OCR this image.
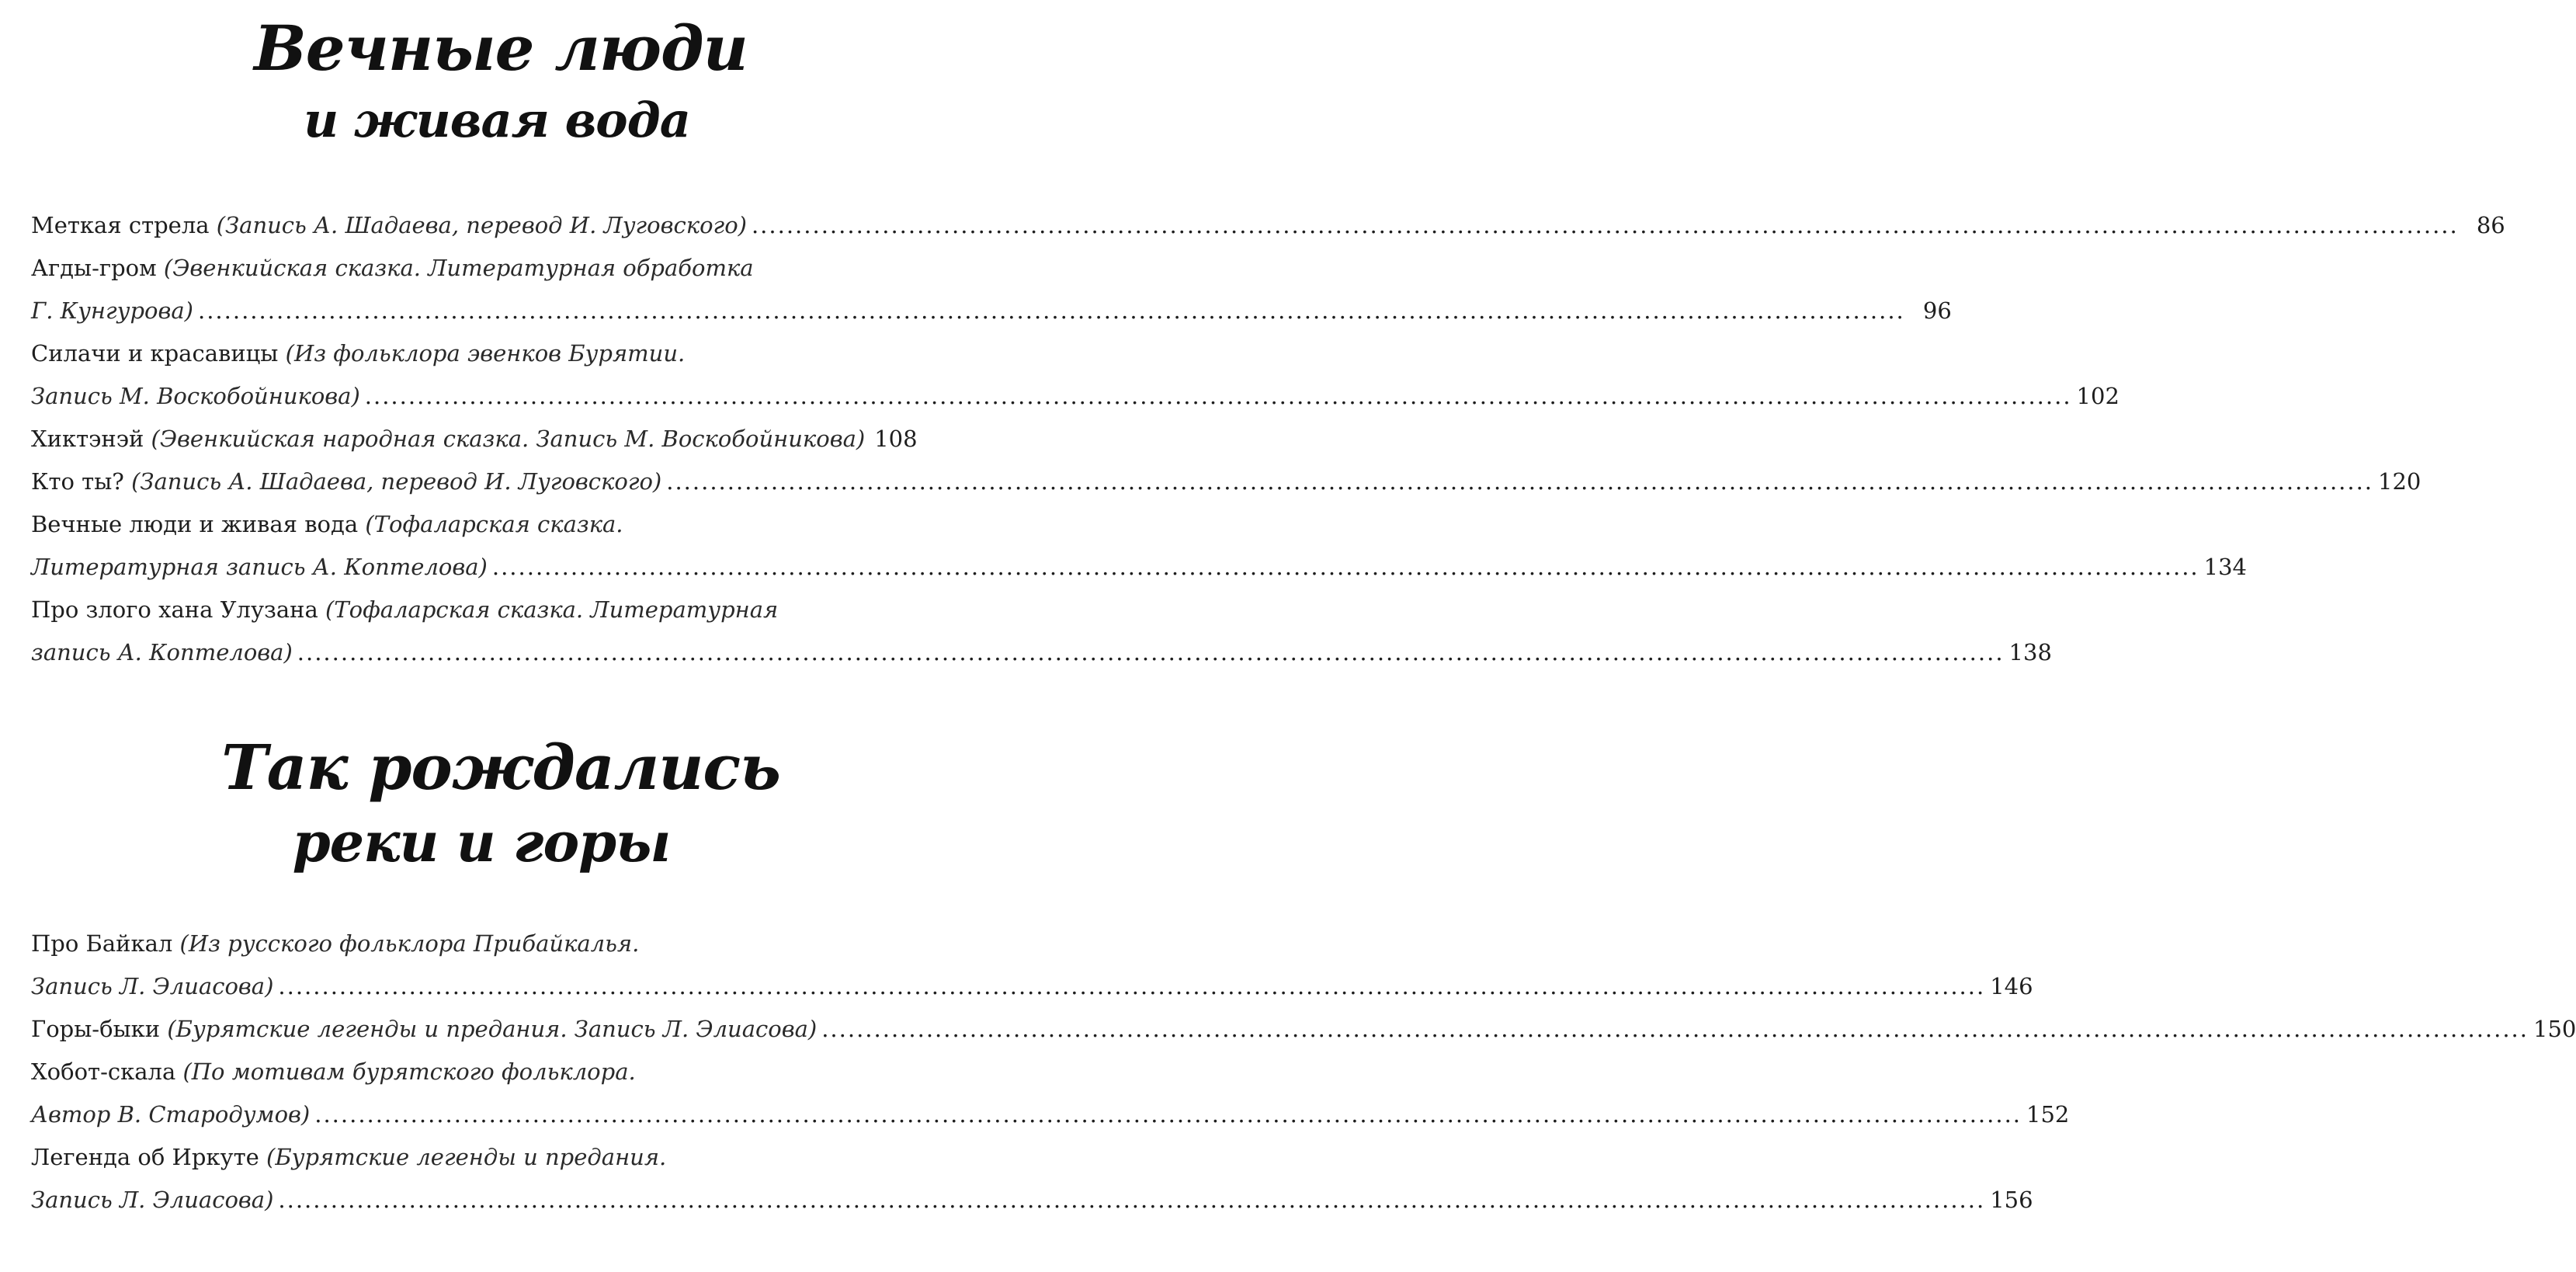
Вечные люди
и живая вода
Меткая стрела (Запись А. Шадаева, перевод И. Луговского) .....	86
Агды-гром (Эвенкийская сказка. Литературная обработка
Г. Кунгурова) .....	96
Силачи и красавицы (Из фольклора эвенков Бурятии.
Запись М. Воскобойникова) .....	102
Хиктэнэй (Эвенкийская народная сказка. Запись М. Воскобойникова) 108
Кто ты? (Запись А. Шадаева, перевод И. Луговского) .....	120
Вечные люди и живая вода (Тофаларская сказка.
Литературная запись А. Коптелова) .....	134
Про злого хана Улузана (Тофаларская сказка. Литературная
запись А. Коптелова) .....	138
Так рождались
реки и горы
Про Байкал (Из русского фольклора Прибайкалья.
Запись Л. Элиасова) .....	146
Горы-быки (Бурятские легенды и предания. Запись Л. Элиасова) .....	150
Хобот-скала (По мотивам бурятского фольклора.
Автор В. Стародумов) .....	152
Легенда об Иркуте (Бурятские легенды и предания.
Запись Л. Элиасова) .....	156
